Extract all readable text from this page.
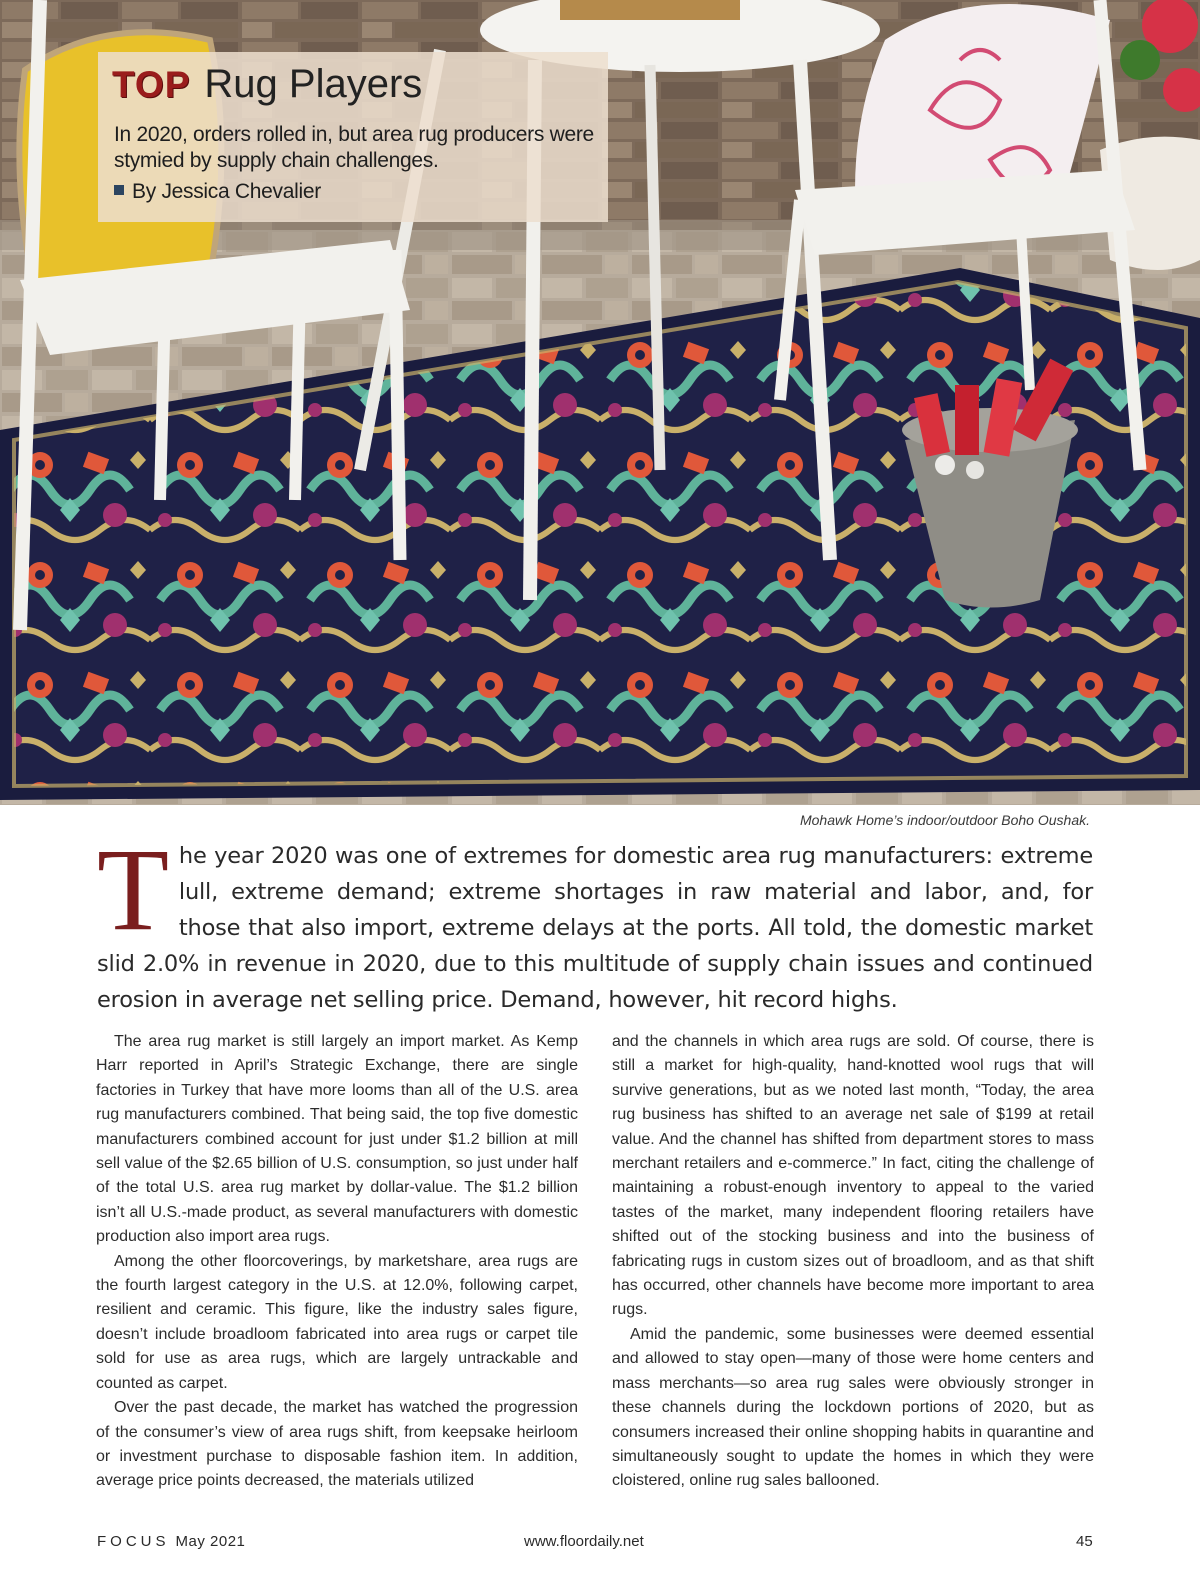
TOP Rug Players
In 2020, orders rolled in, but area rug producers were stymied by supply chain challenges.
By Jessica Chevalier
Mohawk Home’s indoor/outdoor Boho Oushak.
The year 2020 was one of extremes for domestic area rug manufacturers: extreme lull, extreme demand; extreme shortages in raw material and labor, and, for those that also import, extreme delays at the ports. All told, the domestic market slid 2.0% in revenue in 2020, due to this multitude of supply chain issues and continued erosion in average net selling price. Demand, however, hit record highs.

The area rug market is still largely an import market. As Kemp Harr reported in April’s Strategic Exchange, there are single factories in Turkey that have more looms than all of the U.S. area rug manufacturers combined. That being said, the top five domestic manufacturers combined account for just under $1.2 billion at mill sell value of the $2.65 billion of U.S. consumption, so just under half of the total U.S. area rug market by dollar-value. The $1.2 billion isn’t all U.S.-made product, as several manufacturers with domestic production also import area rugs.

Among the other floorcoverings, by marketshare, area rugs are the fourth largest category in the U.S. at 12.0%, following carpet, resilient and ceramic. This figure, like the industry sales figure, doesn’t include broadloom fabricated into area rugs or carpet tile sold for use as area rugs, which are largely untrackable and counted as carpet.

Over the past decade, the market has watched the progression of the consumer’s view of area rugs shift, from keepsake heirloom or investment purchase to disposable fashion item. In addition, average price points decreased, the materials utilized

and the channels in which area rugs are sold. Of course, there is still a market for high-quality, hand-knotted wool rugs that will survive generations, but as we noted last month, “Today, the area rug business has shifted to an average net sale of $199 at retail value. And the channel has shifted from department stores to mass merchant retailers and e-commerce.” In fact, citing the challenge of maintaining a robust-enough inventory to appeal to the varied tastes of the market, many independent flooring retailers have shifted out of the stocking business and into the business of fabricating rugs in custom sizes out of broadloom, and as that shift has occurred, other channels have become more important to area rugs.

Amid the pandemic, some businesses were deemed essential and allowed to stay open—many of those were home centers and mass merchants—so area rug sales were obviously stronger in these channels during the lockdown portions of 2020, but as consumers increased their online shopping habits in quarantine and simultaneously sought to update the homes in which they were cloistered, online rug sales ballooned.

FOCUS May 2021	www.floordaily.net	45
